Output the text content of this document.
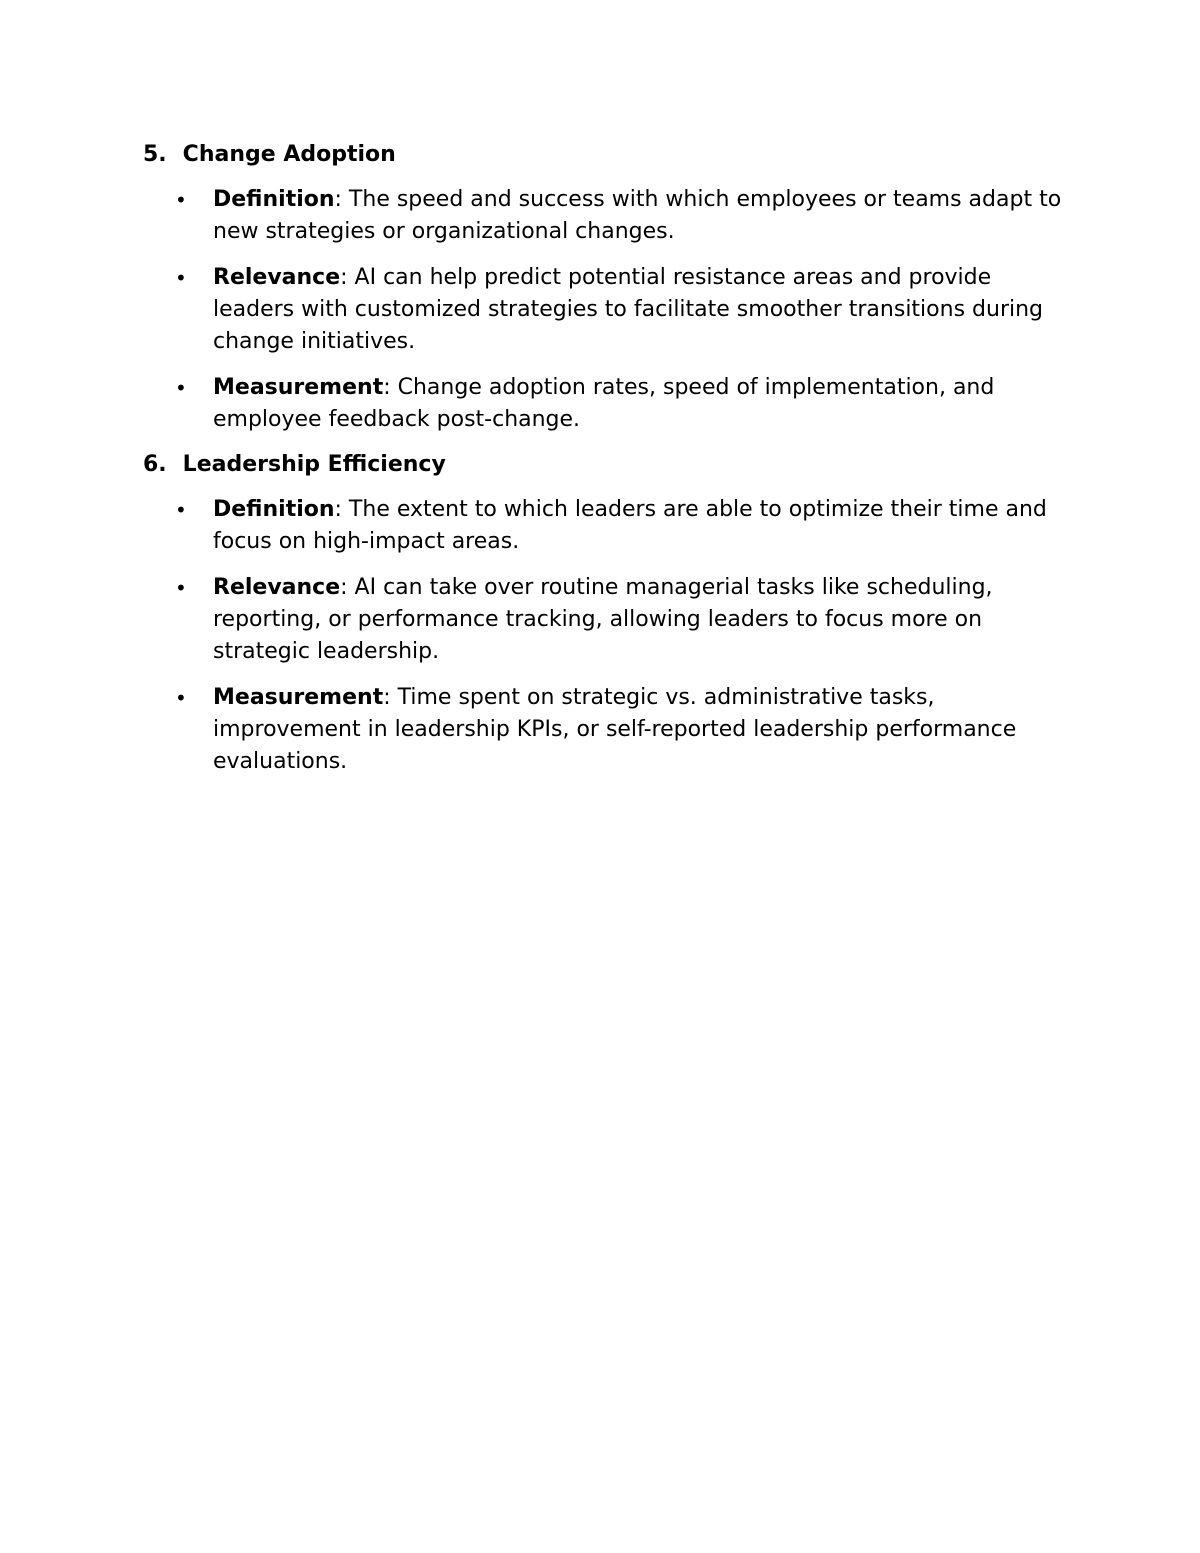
5. Change Adoption
• Definition: The speed and success with which employees or teams adapt to new strategies or organizational changes.
• Relevance: AI can help predict potential resistance areas and provide leaders with customized strategies to facilitate smoother transitions during change initiatives.
• Measurement: Change adoption rates, speed of implementation, and employee feedback post-change.
6. Leadership Efficiency
• Definition: The extent to which leaders are able to optimize their time and focus on high-impact areas.
• Relevance: AI can take over routine managerial tasks like scheduling, reporting, or performance tracking, allowing leaders to focus more on strategic leadership.
• Measurement: Time spent on strategic vs. administrative tasks, improvement in leadership KPIs, or self-reported leadership performance evaluations.
